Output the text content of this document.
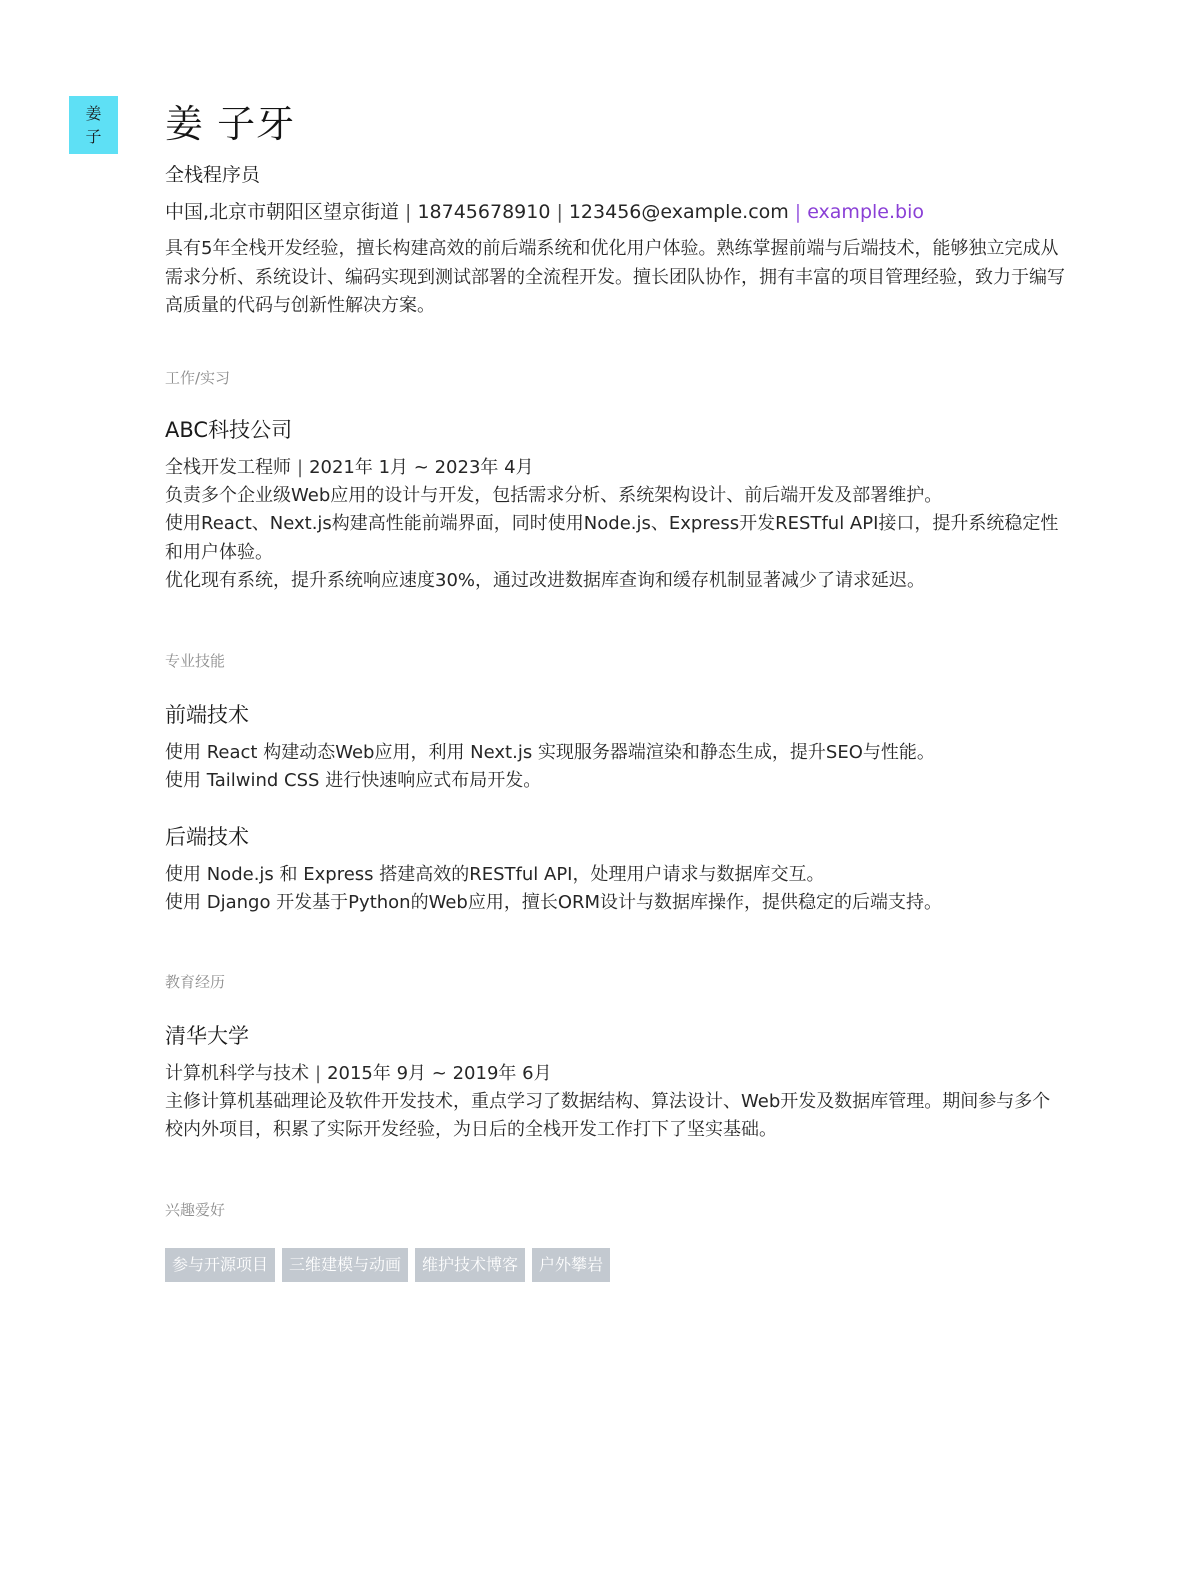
姜
子 姜 子牙
全栈程序员
中国,北京市朝阳区望京街道 | 18745678910 | 123456@example.com | example.bio
具有5年全栈开发经验，擅长构建高效的前后端系统和优化用户体验。熟练掌握前端与后端技术，能够独立完成从需求分析、系统设计、编码实现到测试部署的全流程开发。擅长团队协作，拥有丰富的项目管理经验，致力于编写高质量的代码与创新性解决方案。
工作/实习
ABC科技公司
全栈开发工程师 | 2021年 1月 ~ 2023年 4月
负责多个企业级Web应用的设计与开发，包括需求分析、系统架构设计、前后端开发及部署维护。
使用React、Next.js构建高性能前端界面，同时使用Node.js、Express开发RESTful API接口，提升系统稳定性和用户体验。
优化现有系统，提升系统响应速度30%，通过改进数据库查询和缓存机制显著减少了请求延迟。
专业技能
前端技术
使用 React 构建动态Web应用，利用 Next.js 实现服务器端渲染和静态生成，提升SEO与性能。
使用 Tailwind CSS 进行快速响应式布局开发。
后端技术
使用 Node.js 和 Express 搭建高效的RESTful API，处理用户请求与数据库交互。
使用 Django 开发基于Python的Web应用，擅长ORM设计与数据库操作，提供稳定的后端支持。
教育经历
清华大学
计算机科学与技术 | 2015年 9月 ~ 2019年 6月
主修计算机基础理论及软件开发技术，重点学习了数据结构、算法设计、Web开发及数据库管理。期间参与多个校内外项目，积累了实际开发经验，为日后的全栈开发工作打下了坚实基础。
兴趣爱好
参与开源项目	三维建模与动画	维护技术博客	户外攀岩
